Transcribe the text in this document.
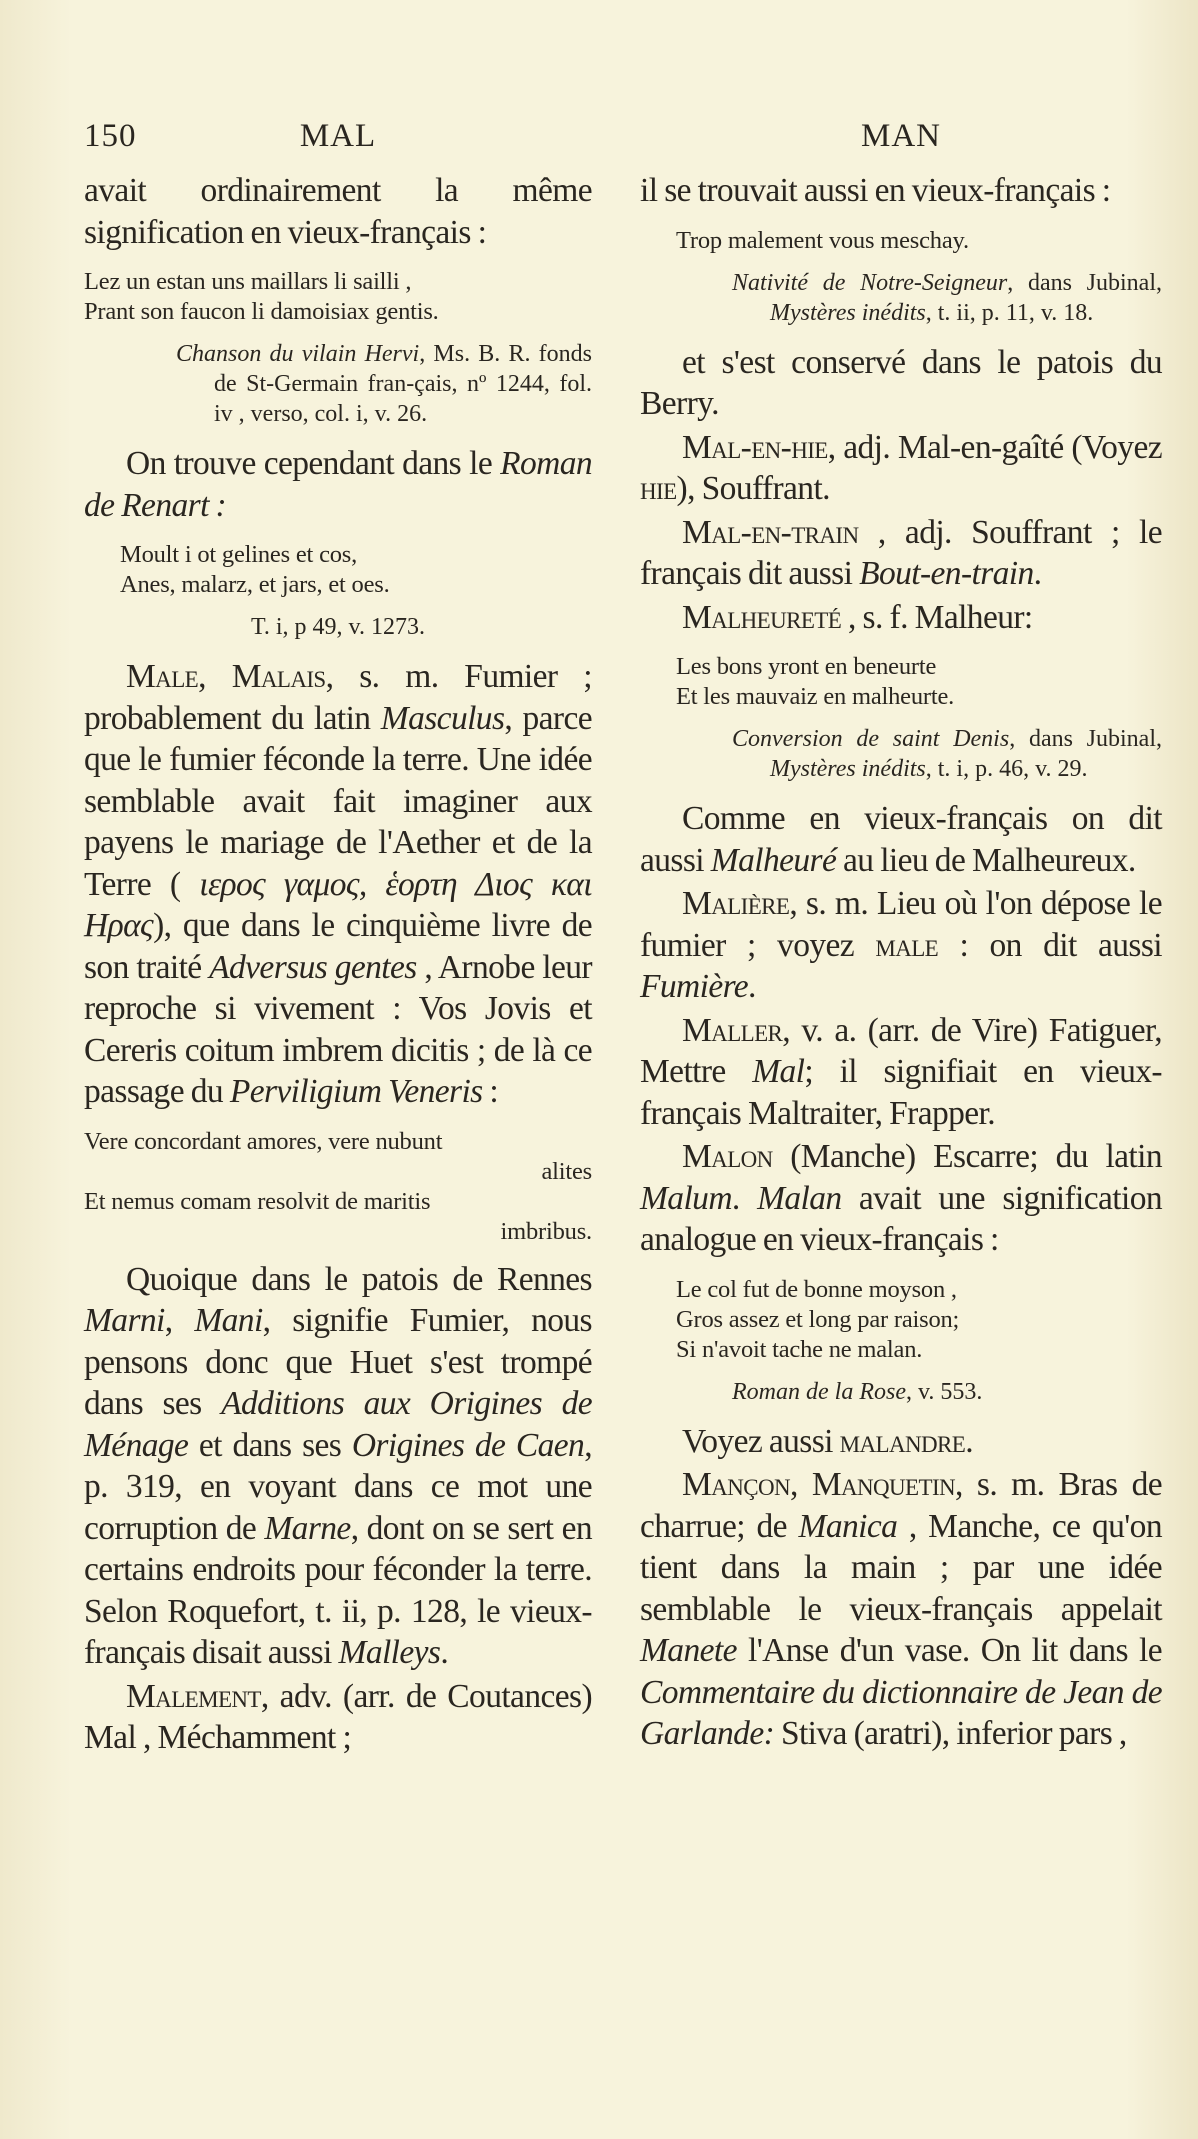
150	MAL
avait ordinairement la même signification en vieux-français :
Lez un estan uns maillars li sailli ,
Prant son faucon li damoisiax gentis.
Chanson du vilain Hervi, Ms. B. R. fonds de St-Germain fran-çais, nº 1244, fol. iv , verso, col. i, v. 26.
On trouve cependant dans le Roman de Renart :
Moult i ot gelines et cos,
Anes, malarz, et jars, et oes.
T. i, p 49, v. 1273.
Male, Malais, s. m. Fumier ; probablement du latin Masculus, parce que le fumier féconde la terre. Une idée semblable avait fait imaginer aux payens le mariage de l'Aether et de la Terre ( ιερος γαμος, ἑορτη Διος και Ηρας), que dans le cinquième livre de son traité Adversus gentes , Arnobe leur reproche si vivement : Vos Jovis et Cereris coitum imbrem dicitis ; de là ce passage du Perviligium Veneris :
Vere concordant amores, vere nubunt
alites
Et nemus comam resolvit de maritis
imbribus.
Quoique dans le patois de Rennes Marni, Mani, signifie Fumier, nous pensons donc que Huet s'est trompé dans ses Additions aux Origines de Ménage et dans ses Origines de Caen, p. 319, en voyant dans ce mot une corruption de Marne, dont on se sert en certains endroits pour féconder la terre. Selon Roquefort, t. ii, p. 128, le vieux-français disait aussi Malleys.
Malement, adv. (arr. de Coutances) Mal , Méchamment ;
MAN
il se trouvait aussi en vieux-français :
Trop malement vous meschay.
Nativité de Notre-Seigneur, dans Jubinal, Mystères inédits, t. ii, p. 11, v. 18.
et s'est conservé dans le patois du Berry.
Mal-en-hie, adj. Mal-en-gaîté (Voyez hie), Souffrant.
Mal-en-train , adj. Souffrant ; le français dit aussi Bout-en-train.
Malheureté , s. f. Malheur:
Les bons yront en beneurte
Et les mauvaiz en malheurte.
Conversion de saint Denis, dans Jubinal, Mystères inédits, t. i, p. 46, v. 29.
Comme en vieux-français on dit aussi Malheuré au lieu de Malheureux.
Malière, s. m. Lieu où l'on dépose le fumier ; voyez male : on dit aussi Fumière.
Maller, v. a. (arr. de Vire) Fatiguer, Mettre Mal; il signifiait en vieux-français Maltraiter, Frapper.
Malon (Manche) Escarre; du latin Malum. Malan avait une signification analogue en vieux-français :
Le col fut de bonne moyson ,
Gros assez et long par raison;
Si n'avoit tache ne malan.
Roman de la Rose, v. 553.
Voyez aussi malandre.
Mançon, Manquetin, s. m. Bras de charrue; de Manica , Manche, ce qu'on tient dans la main ; par une idée semblable le vieux-français appelait Manete l'Anse d'un vase. On lit dans le Commentaire du dictionnaire de Jean de Garlande: Stiva (aratri), inferior pars ,
